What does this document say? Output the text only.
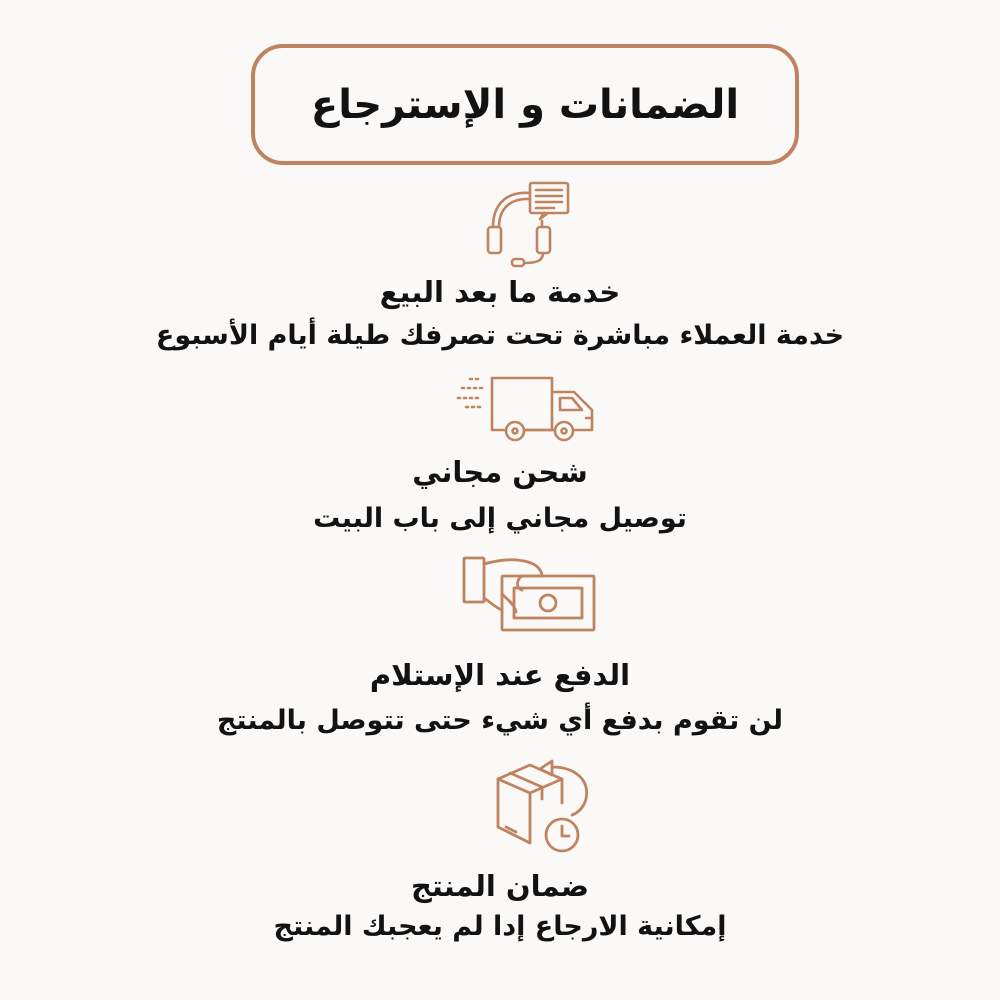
الضمانات و الإسترجاع
خدمة ما بعد البيع
خدمة العملاء مباشرة تحت تصرفك طيلة أيام الأسبوع
شحن مجاني
توصيل مجاني إلى باب البيت
الدفع عند الإستلام
لن تقوم بدفع أي شيء حتى تتوصل بالمنتج
ضمان المنتج
إمكانية الارجاع إدا لم يعجبك المنتج
